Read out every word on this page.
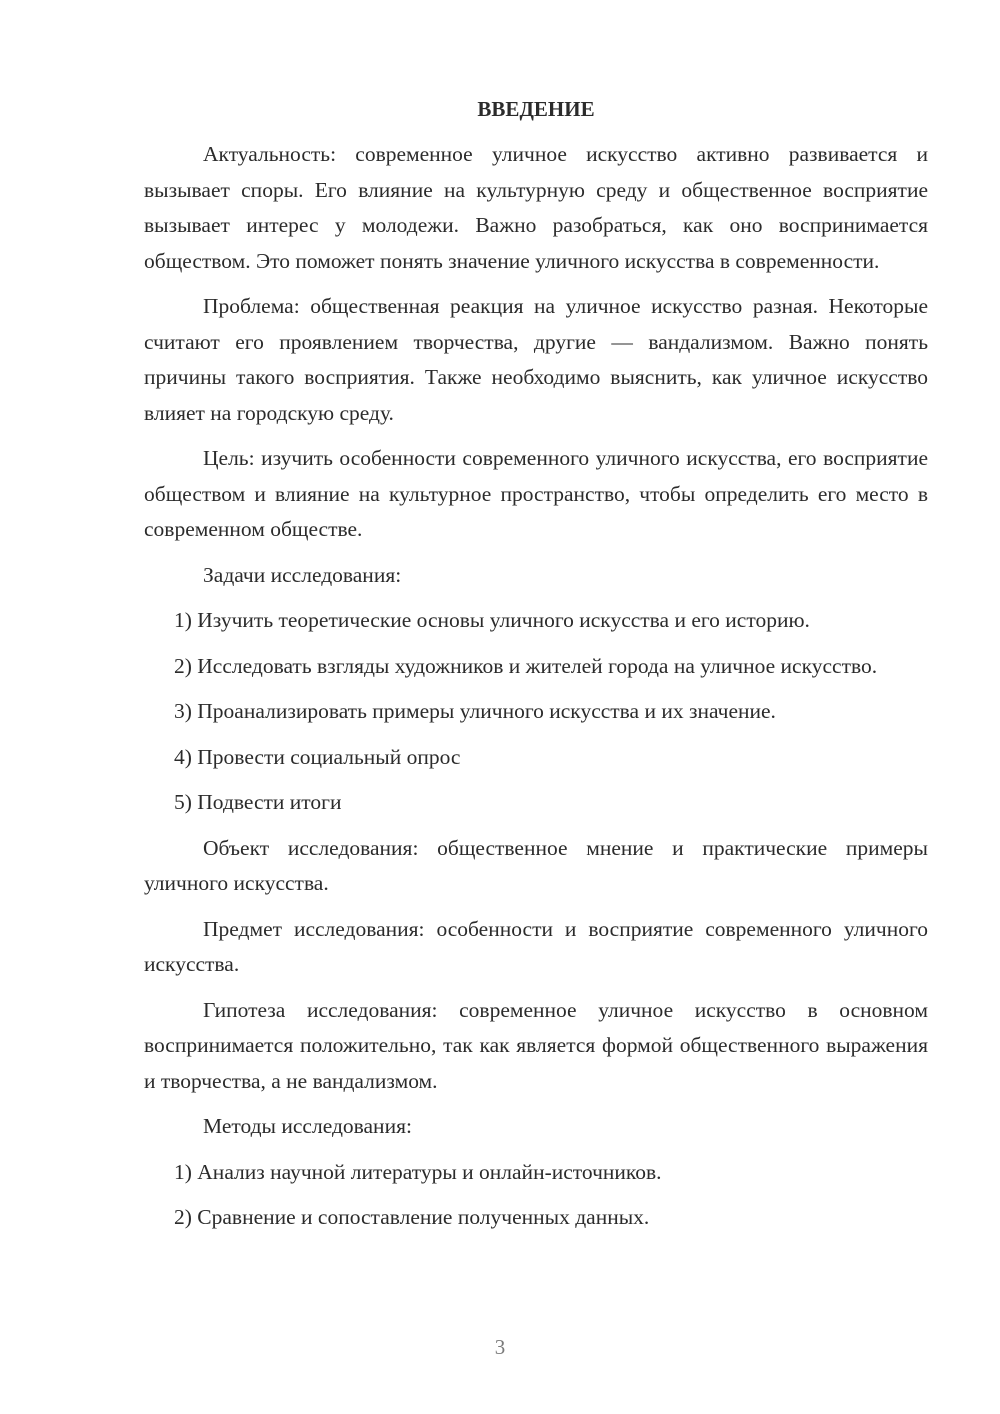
ВВЕДЕНИЕ

Актуальность: современное уличное искусство активно развивается и вызывает споры. Его влияние на культурную среду и общественное восприятие вызывает интерес у молодежи. Важно разобраться, как оно воспринимается обществом. Это поможет понять значение уличного искусства в современности.

Проблема: общественная реакция на уличное искусство разная. Некоторые считают его проявлением творчества, другие — вандализмом. Важно понять причины такого восприятия. Также необходимо выяснить, как уличное искусство влияет на городскую среду.

Цель: изучить особенности современного уличного искусства, его восприятие обществом и влияние на культурное пространство, чтобы определить его место в современном обществе.

Задачи исследования:

1) Изучить теоретические основы уличного искусства и его историю.

2) Исследовать взгляды художников и жителей города на уличное искусство.

3) Проанализировать примеры уличного искусства и их значение.

4) Провести социальный опрос

5) Подвести итоги

Объект исследования: общественное мнение и практические примеры уличного искусства.

Предмет исследования: особенности и восприятие современного уличного искусства.

Гипотеза исследования: современное уличное искусство в основном воспринимается положительно, так как является формой общественного выражения и творчества, а не вандализмом.

Методы исследования:

1) Анализ научной литературы и онлайн-источников.

2) Сравнение и сопоставление полученных данных.

3
